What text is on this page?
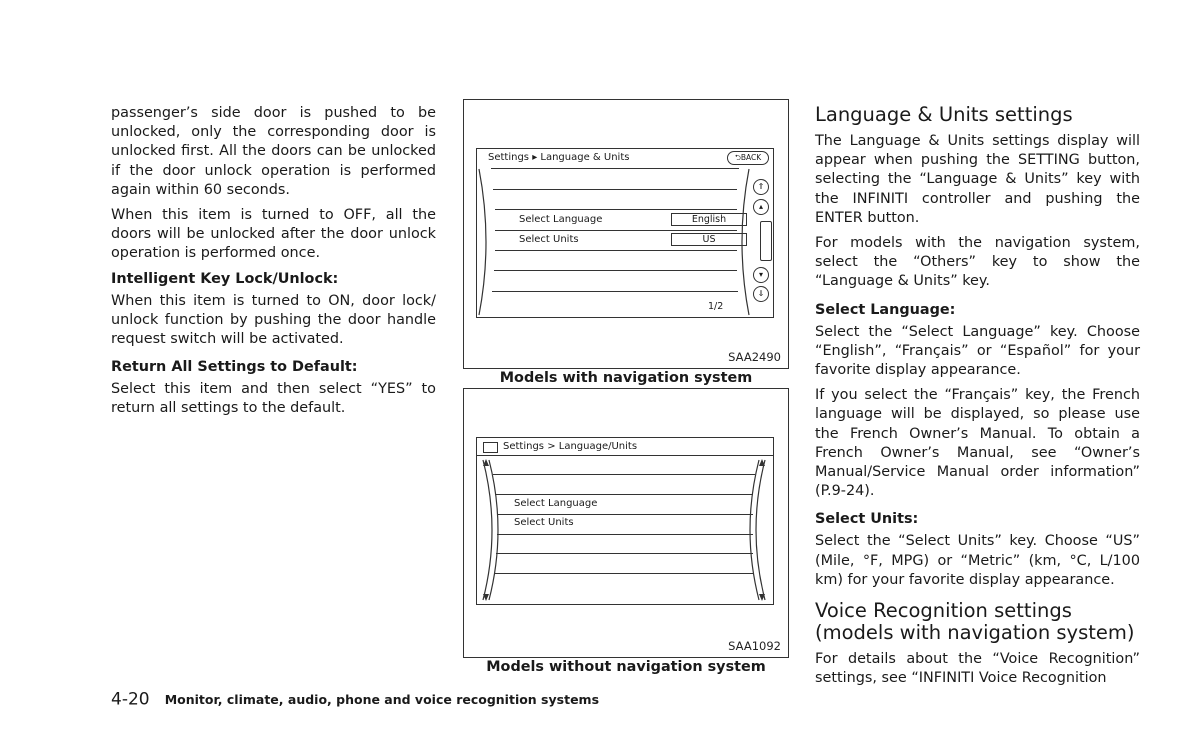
passenger’s side door is pushed to be unlocked, only the corresponding door is unlocked first. All the doors can be unlocked if the door unlock operation is performed again within 60 seconds.

When this item is turned to OFF, all the doors will be unlocked after the door unlock operation is performed once.

Intelligent Key Lock/Unlock:

When this item is turned to ON, door lock/ unlock function by pushing the door handle request switch will be activated.

Return All Settings to Default:

Select this item and then select “YES” to return all settings to the default.

Settings ▸ Language & Units	⮌BACK
Select Language	English
Select Units	US
1/2
⇑
▴
▾
⇓
SAA2490
Models with navigation system
Settings > Language/Units
Select Language
Select Units
SAA1092
Models without navigation system
Language & Units settings

The Language & Units settings display will appear when pushing the SETTING button, selecting the “Language & Units” key with the INFINITI controller and pushing the ENTER button.

For models with the navigation system, select the “Others” key to show the “Language & Units” key.

Select Language:

Select the “Select Language” key. Choose “English”, “Français” or “Español” for your favorite display appearance.

If you select the “Français” key, the French language will be displayed, so please use the French Owner’s Manual. To obtain a French Owner’s Manual, see “Owner’s Manual/Service Manual order information” (P.9-24).

Select Units:

Select the “Select Units” key. Choose “US” (Mile, °F, MPG) or “Metric” (km, °C, L/100 km) for your favorite display appearance.

Voice Recognition settings (models with navigation system)

For details about the “Voice Recognition” settings, see “INFINITI Voice Recognition

4-20 Monitor, climate, audio, phone and voice recognition systems
